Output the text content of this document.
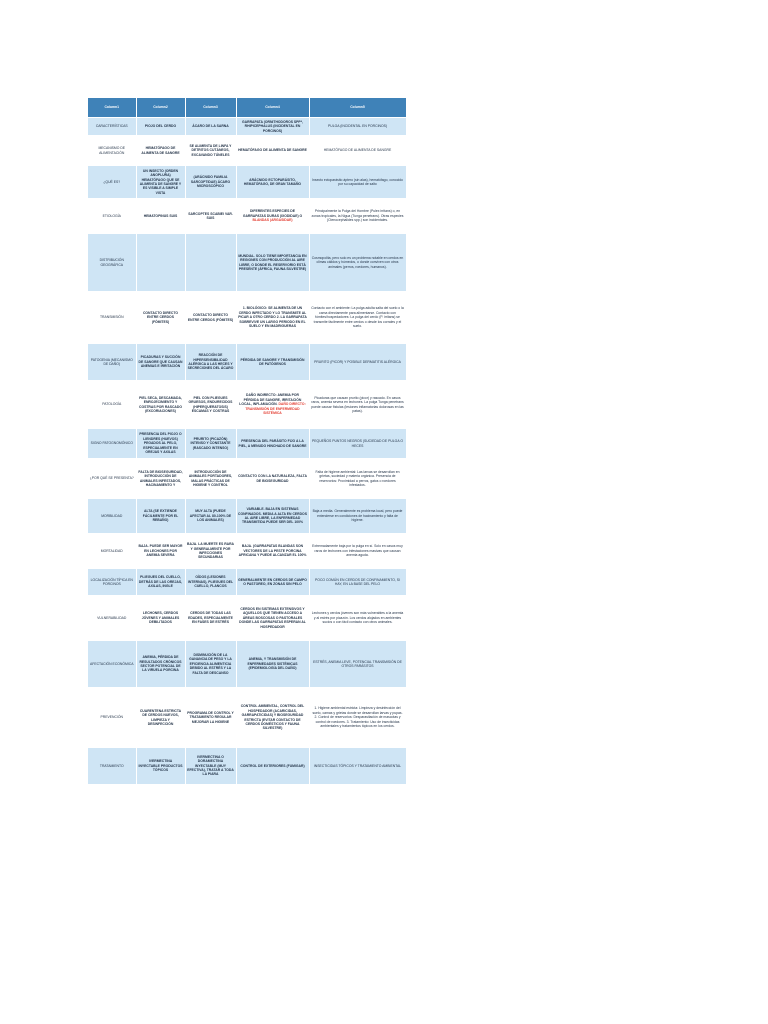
Column1	Column2	Column3	Column4	Column5
CARACTERÍSTICAS	PIOJO DEL CERDO	ÁCARO DE LA SARNA	GARRAPATA (ORNITHODOROS SPP*, RHIPICEPHALUS (INCIDENTAL EN PORCINOS)	PULGA (INCIDENTAL EN PORCINOS)
MECANISMO DE ALIMENTACIÓN	HEMATÓFAGO DE ALIMENTA DE SANGRE	SE ALIMENTA DE LINFA Y DETRITOS CUTÁNEOS, EXCAVANDO TÚNELES	HEMATÓFAGO DE ALIMENTA DE SANGRE	HEMATÓFAGO DE ALIMENTA DE SANGRE
¿QUÉ ES?	UN INSECTO (ORDEN ANOPLURA) HEMATÓFAGO QUE SE ALIMENTA DE SANGRE Y ES VISIBLE A SIMPLE VISTA	(ARÁCNIDO FAMILIA SARCOPTIDAE) ÁCARO MICROSCÓPICO	ARÁCNIDO ECTOPARÁSITO, HEMATÓFAGO, DE GRAN TAMAÑO	Insecto ectoparásito áptero (sin alas), hematófago, conocido por su capacidad de salto
ETIOLOGÍA	HEMATOPINUS SUIS	SARCOPTES SCABIEI VAR. SUIS	DIFERENTES ESPECIES DE GARRAPATAS DURAS (IXODIDAE) O BLANDAS (ARGASIDAE)	Principalmente la Pulga del Hombre (Pulex irritans) o, en zonas tropicales, la Nigua (Tunga penetrans). Otras especies (Ctenocephalides spp.) son incidentales.
DISTRIBUCIÓN GEOGRÁFICA			MUNDIAL. SOLO TIENE IMPORTANCIA EN REGIONES CON PRODUCCIÓN AL AIRE LIBRE, O DONDE EL RESERVORIO ESTÁ PRESENTE (ÁFRICA, FAUNA SILVESTRE)	Cosmopolita, pero solo es un problema notable en cerdos en climas cálidos y húmedos, o donde conviven con otros animales (perros, roedores, humanos).
TRANSMISIÓN	CONTACTO DIRECTO ENTRE CERDOS (FÓMITES)	CONTACTO DIRECTO ENTRE CERDOS (FÓMITES)	1. BIOLÓGICO: SE ALIMENTA DE UN CERDO INFECTADO Y LO TRANSMITE AL PICAR A OTRO CERDO 2. LA GARRAPATA SOBREVIVE UN LARGO PERIODO EN EL SUELO Y EN MADRIGUERAS	Contacto con el ambiente: La pulga adulta salta del suelo o la cama directamente para alimentarse. Contacto con fómites/hospedadores: La pulga del cerdo (P. irritans) se transmite fácilmente entre cerdos o desde los corrales y el suelo.
PATOGENIA (MECANISMO DE DAÑO)	PICADURAS Y SUCCIÓN DE SANGRE QUE CAUSAN ANEMIAS E IRRITACIÓN	REACCIÓN DE HIPERSENSIBILIDAD ALÉRGICA A LAS HECES Y SECRECIONES DEL ÁCARO	PÉRDIDA DE SANGRE Y TRANSMISIÓN DE PATÓGENOS	PRURITO (PICOR) Y POSIBLE DERMATITIS ALÉRGICA
PATOLOGÍA	PIEL SECA, DESCAMADA, ENROJECIMIENTO Y COSTRAS POR RASCADO (EXCORIACIONES)	PIEL CON PLIEGUES GRUESOS, ENDURECIDOS (HIPERQUERATOSIS) ESCAMAS Y COSTRAS	DAÑO INDIRECTO: ANEMIA POR PÉRDIDA DE SANGRE, IRRITACIÓN LOCAL, INFLAMACIÓN. DAÑO DIRECTO: TRANSMISIÓN DE ENFERMEDAD SISTÉMICA	Picaduras que causan prurito (picor) y rascado. En casos raros, anemia severa en lechones. La pulga Tunga penetrans puede causar fístulas (lesiones inflamatorias dolorosas en las patas).
SIGNO PATOGNOMÓNICO	PRESENCIA DEL PIOJO O LIENDRES (HUEVOS) PEGADOS AL PELO, ESPECIALMENTE EN OREJAS Y AXILAS	PRURITO (PICAZÓN) INTENSO Y CONSTANTE (RASCADO INTENSO)	PRESENCIA DEL PARÁSITO FIJO A LA PIEL, A MENUDO HINCHADO DE SANGRE	PEQUEÑOS PUNTOS NEGROS (SUCIEDAD DE PULGA O HECES
¿POR QUÉ SE PRESENTA?	FALTA DE BIOSEGURIDAD, INTRODUCCIÓN DE ANIMALES INFESTADOS, HACINAMIENTO Y	INTRODUCCIÓN DE ANIMALES PORTADORES, MALAS PRÁCTICAS DE HIGIENE Y CONTROL	CONTACTO CON LA NATURALEZA, FALTA DE BIOSEGURIDAD	Falta de higiene ambiental: Las larvas se desarrollan en grietas, suciedad y materia orgánica. Presencia de reservorios: Proximidad a perros, gatos o roedores infestados.
MORBILIDAD	ALTA (SE EXTIENDE FÁCILMENTE POR EL REBAÑO)	MUY ALTA (PUEDE AFECTAR AL 80-100% DE LOS ANIMALES)	VARIABLE. BAJA EN SISTEMAS CONFINADOS. MEDIA A ALTA EN CERDOS AL AIRE LIBRE, LA ENFERMEDAD TRANSMITIDA PUEDE SER DEL 100%	Baja a media. Generalmente es problema local, pero puede extenderse en condiciones de hacinamiento y falta de higiene.
MORTALIDAD	BAJA. PUEDE SER MAYOR EN LECHONES POR ANEMIA SEVERA	BAJA. LA MUERTE ES RARA Y GENERALMENTE POR INFECCIONES SECUNDARIAS	BAJA. (GARRAPATAS BLANDAS SON VECTORES DE LA PESTE PORCINA AFRICANA Y PUEDE ALCANZAR EL 100%	Extremadamente baja por la pulga en sí. Solo en casos muy raros de lechones con infestaciones masivas que causan anemia aguda.
LOCALIZACIÓN TÍPICA EN PORCINOS	PLIEGUES DEL CUELLO, DETRÁS DE LAS OREJAS, AXILAS, INGLE	OÍDOS (LESIONES INTERNAS), PLIEGUES DEL CUELLO, FLANCOS	GENERALMENTE EN CERDOS DE CAMPO O PASTOREO, EN ZONAS SIN PELO	POCO COMÚN EN CERDOS DE CONFINAMIENTO, SI HAY, EN LA BASE DEL PELO
VULNERABILIDAD	LECHONES, CERDOS JÓVENES Y ANIMALES DEBILITADOS	CERDOS DE TODAS LAS EDADES, ESPECIALMENTE EN FASES DE ESTRÉS	CERDOS EN SISTEMAS EXTENSIVOS Y AQUELLOS QUE TIENEN ACCESO A ÁREAS BOSCOSAS O PASTORALES DONDE LAS GARRAPATAS ESPERAN AL HOSPEDADOR	Lechones y cerdos jóvenes son más vulnerables a la anemia y al estrés por picazón. Los cerdos alojados en ambientes sucios o con fácil contacto con otros animales.
AFECTACIÓN ECONÓMICA	ANEMIA, PÉRDIDA DE RESULTADOS CRÓNICOS SECTOR POTENCIAL DE LA VIRUELA PORCINA	DISMINUCIÓN DE LA GANANCIA DE PESO Y LA EFICIENCIA ALIMENTICIA DEBIDO AL ESTRÉS Y LA FALTA DE DESCANSO	ANEMIA, Y TRANSMISIÓN DE ENFERMEDADES SISTÉMICAS (EPIDEMIOLOGÍA DEL DAÑO)	ESTRÉS, ANEMIA LEVE, POTENCIAL TRANSMISIÓN DE OTROS PARÁSITOS
PREVENCIÓN	CUARENTENA ESTRICTA DE CERDOS NUEVOS, LIMPIEZA Y DESINFECCIÓN	PROGRAMA DE CONTROL Y TRATAMIENTO REGULAR MEJORAR LA HIGIENE	CONTROL AMBIENTAL, CONTROL DEL HOSPEDADOR (ACARICIDAS, GARRAPATICIDAS) Y BIOSEGURIDAD ESTRICTA (EVITAR CONTACTO DE CERDOS DOMÉSTICOS Y FAUNA SILVESTRE)	1. Higiene ambiental estricta: Limpieza y desinfección del suelo, camas y grietas donde se desarrollan larvas y pupas. 2. Control de reservorios: Desparasitación de mascotas y control de roedores. 3. Tratamiento: Uso de insecticidas ambientales y tratamientos tópicos en los cerdos.
TRATAMIENTO	IVERMECTINA INYECTABLE PRODUCTOS TÓPICOS	IVERMECTINA O DORAMECTINA INYECTABLE (MUY EFECTIVA), TRATAR A TODA LA PIARA	CONTROL DE EXTERIORES (FUMIGAR)	INSECTICIDAS TÓPICOS Y TRATAMIENTO AMBIENTAL
